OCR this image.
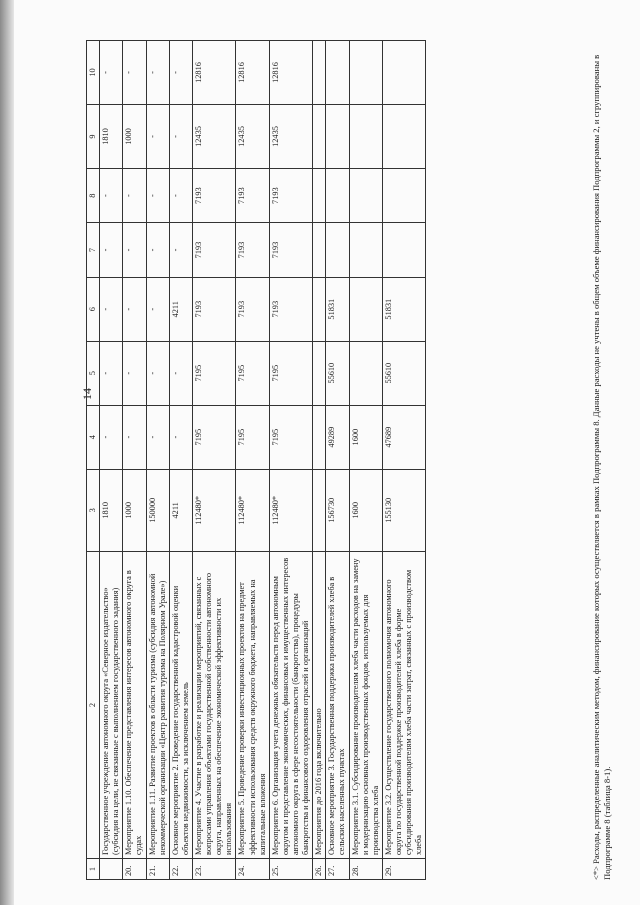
14
1	2	3	4	5	6	7	8	9	10
	Государственное учреждение автономного округа «Северное издательство» (субсидия на цели, не связанные с выполнением государственного задания)	1810	-	-	-	-	-	1810	-
20.	Мероприятие 1.10. Обеспечение представления интересов автономного округа в судах	1000	-	-	-	-	-	1000	-
21.	Мероприятие 1.11. Развитие проектов в области туризма (субсидия автономной некоммерческой организации «Центр развития туризма на Полярном Урале»)	150000	-	-	-	-	-	-	-
22.	Основное мероприятие 2. Проведение государственной кадастровой оценки объектов недвижимости, за исключением земель	4211	-	-	4211	-	-	-	-
23.	Мероприятие 4. Участие в разработке и реализации мероприятий, связанных с вопросами управления объектами государственной собственности автономного округа, направленных на обеспечение экономической эффективности их использования	112480*	7195	7195	7193	7193	7193	12435	12816
24.	Мероприятие 5. Проведение проверки инвестиционных проектов на предмет эффективности использования средств окружного бюджета, направляемых на капитальные вложения	112480*	7195	7195	7193	7193	7193	12435	12816
25.	Мероприятие 6. Организация учета денежных обязательств перед автономным округом и представление экономических, финансовых и имущественных интересов автономного округа в сфере несостоятельности (банкротства), процедуры банкротства и финансового оздоровления отраслей и организаций	112480*	7195	7195	7193	7193	7193	12435	12816
26.	Мероприятия до 2016 года включительно								
27.	Основное мероприятие 3. Государственная поддержка производителей хлеба в сельских населенных пунктах	156730	49289	55610	51831				
28.	Мероприятие 3.1. Субсидирование производителям хлеба части расходов на замену и модернизацию основных производственных фондов, используемых для производства хлеба	1600	1600						
29.	Мероприятие 3.2. Осуществление государственного полномочия автономного округа по государственной поддержке производителей хлеба в форме субсидирования производителям хлеба части затрат, связанных с производством хлеба	155130	47689	55610	51831					<*> Расходы, распределенные аналитическим методом, финансирование которых осуществляется в рамках Подпрограммы 8. Данные расходы не учтены в общем объеме финансирования Подпрограммы 2, и сгруппированы в Подпрограмме 8 (таблица 8-1).
